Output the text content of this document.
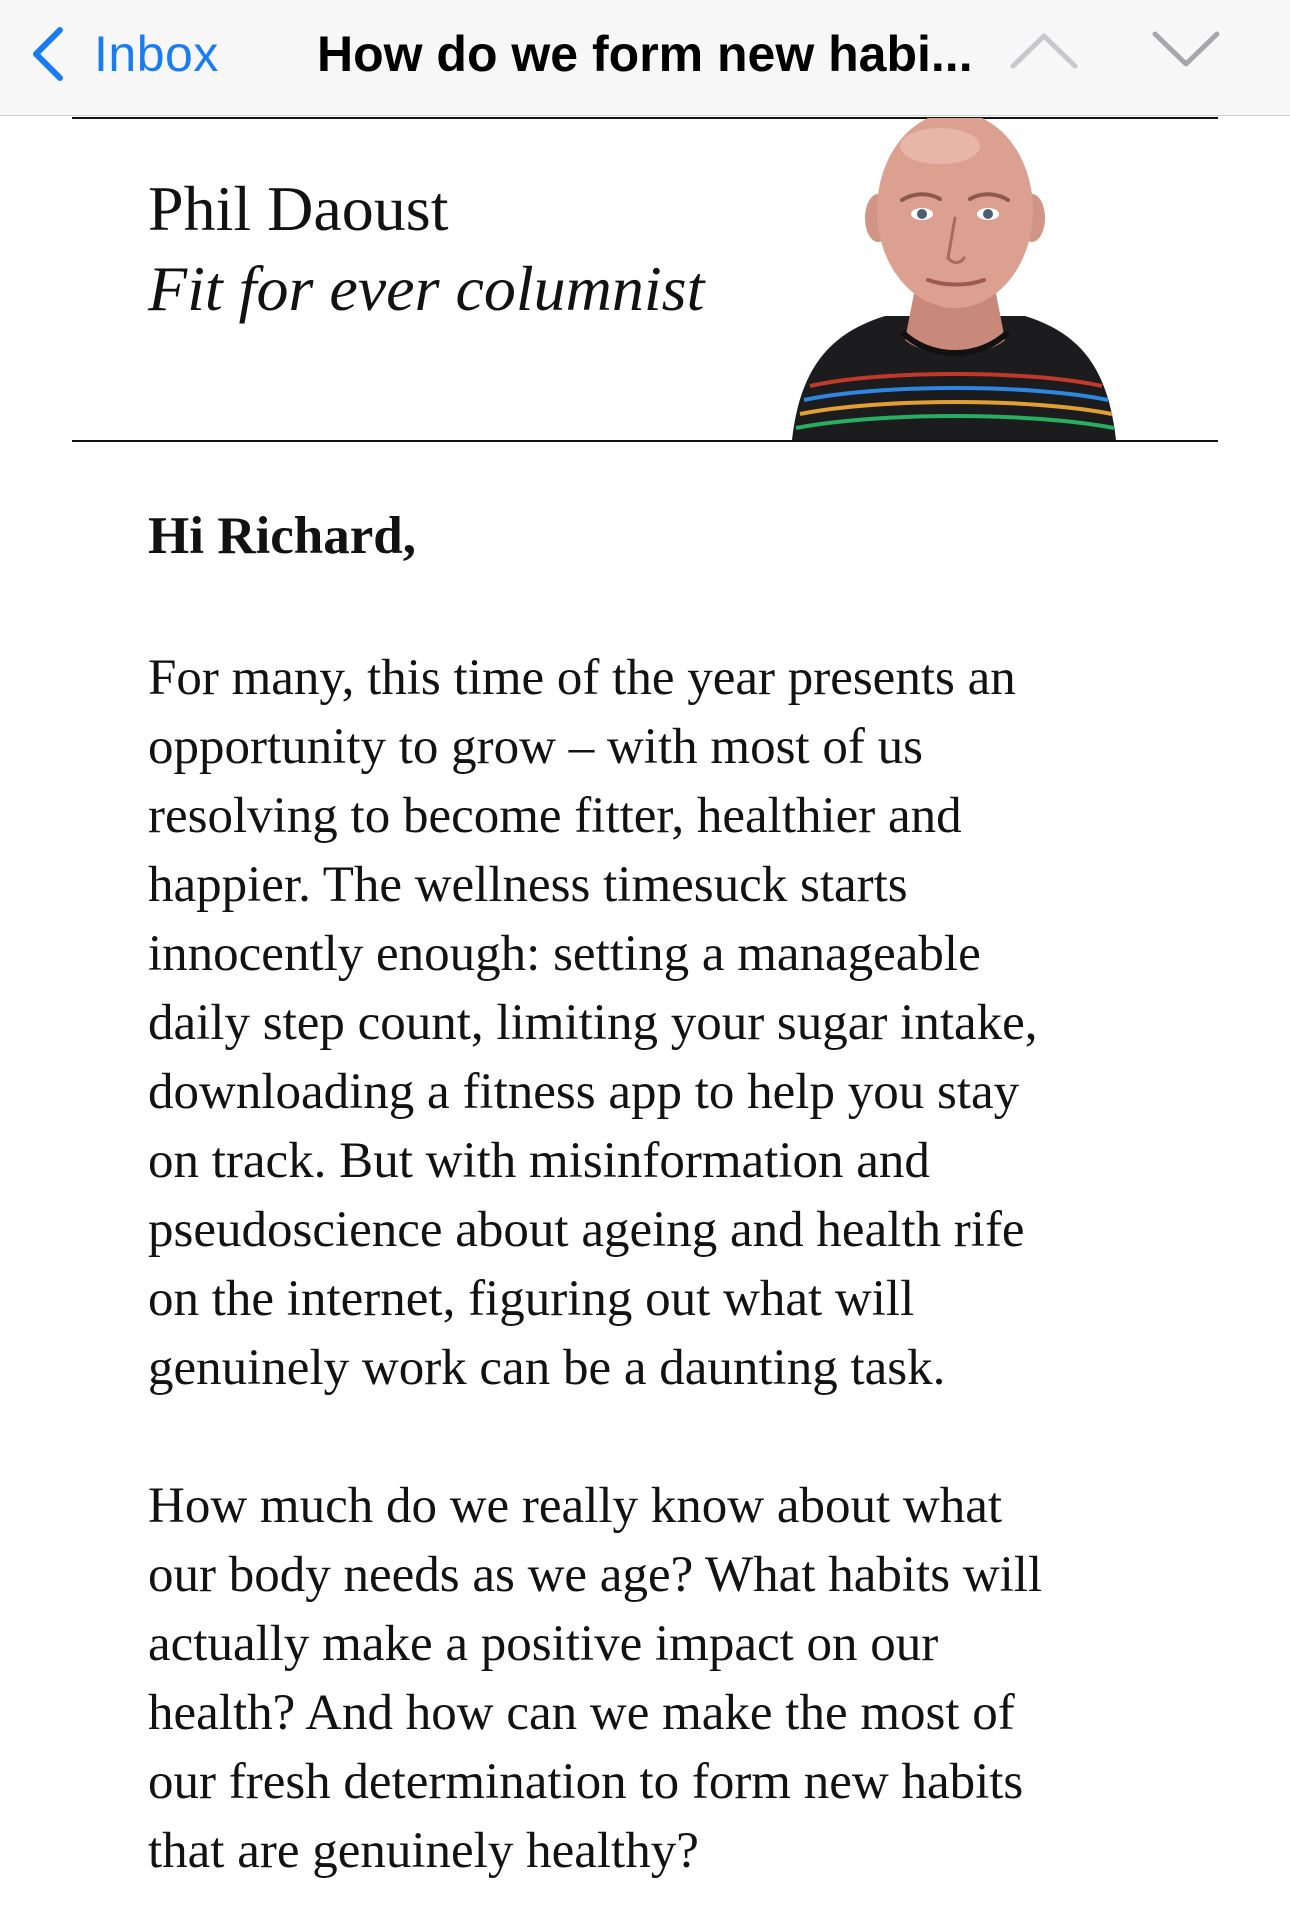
Inbox How do we form new habi...
Phil Daoust
Fit for ever columnist
Hi Richard,
For many, this time of the year presents an
opportunity to grow – with most of us
resolving to become fitter, healthier and
happier. The wellness timesuck starts
innocently enough: setting a manageable
daily step count, limiting your sugar intake,
downloading a fitness app to help you stay
on track. But with misinformation and
pseudoscience about ageing and health rife
on the internet, figuring out what will
genuinely work can be a daunting task.
How much do we really know about what
our body needs as we age? What habits will
actually make a positive impact on our
health? And how can we make the most of
our fresh determination to form new habits
that are genuinely healthy?
